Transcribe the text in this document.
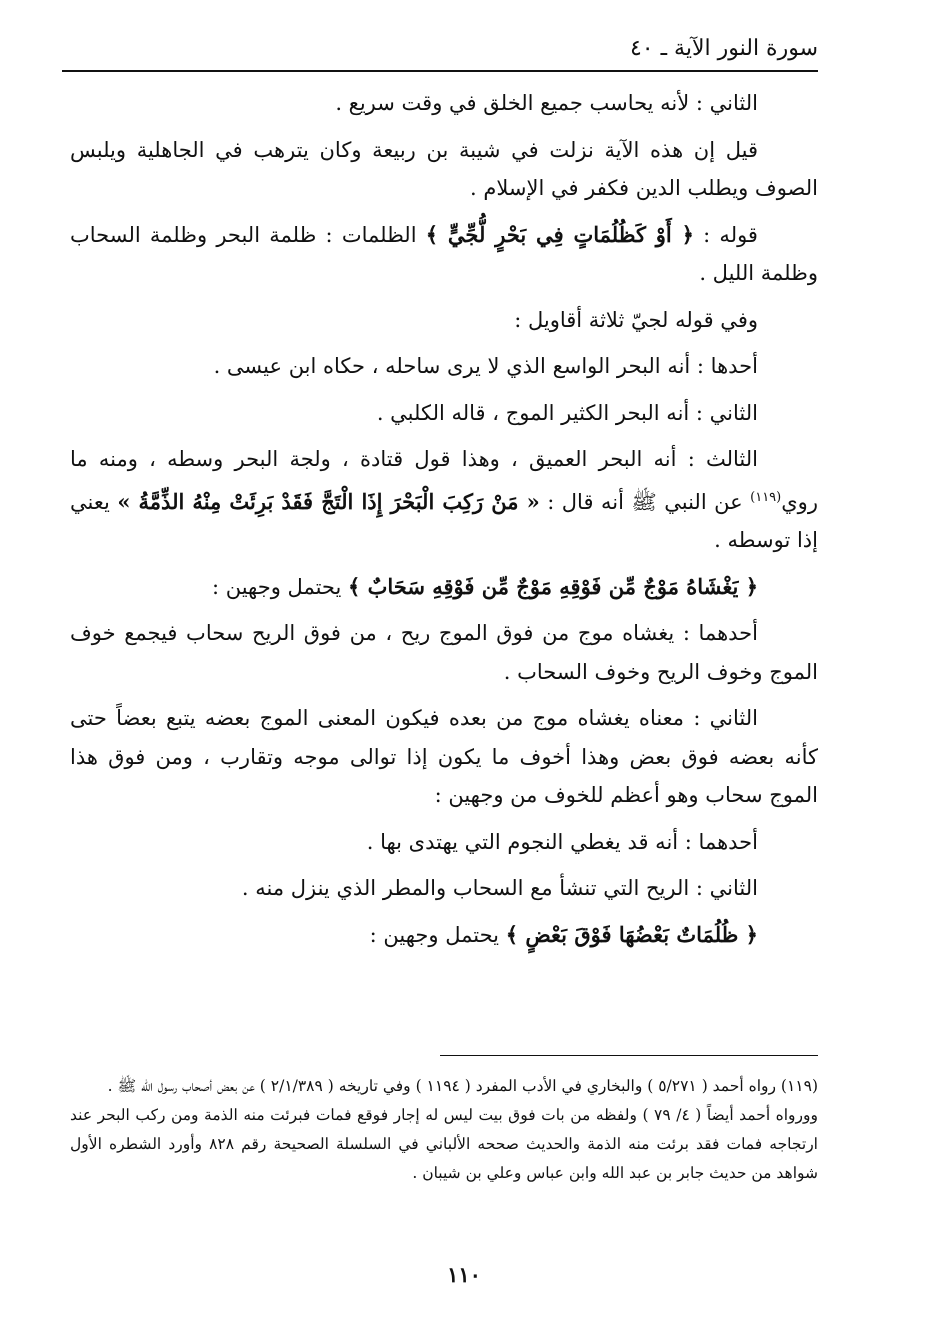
سورة النور الآية ـ ٤٠

الثاني : لأنه يحاسب جميع الخلق في وقت سريع .

قيل إن هذه الآية نزلت في شيبة بن ربيعة وكان يترهب في الجاهلية ويلبس الصوف ويطلب الدين فكفر في الإسلام .

قوله : ﴿ أَوْ كَظُلُمَاتٍ فِي بَحْرٍ لُّجِّيٍّ ﴾ الظلمات : ظلمة البحر وظلمة السحاب وظلمة الليل .

وفي قوله لجيّ ثلاثة أقاويل :

أحدها : أنه البحر الواسع الذي لا يرى ساحله ، حكاه ابن عيسى .

الثاني : أنه البحر الكثير الموج ، قاله الكلبي .

الثالث : أنه البحر العميق ، وهذا قول قتادة ، ولجة البحر وسطه ، ومنه ما روي$^{(١١٩)}$ عن النبي ﷺ أنه قال : « مَنْ رَكِبَ الْبَحْرَ إِذَا الْتَجَّ فَقَدْ بَرِئَتْ مِنْهُ الذِّمَّةُ » يعني إذا توسطه .

﴿ يَغْشَاهُ مَوْجٌ مِّن فَوْقِهِ مَوْجٌ مِّن فَوْقِهِ سَحَابٌ ﴾ يحتمل وجهين :

أحدهما : يغشاه موج من فوق الموج ريح ، من فوق الريح سحاب فيجمع خوف الموج وخوف الريح وخوف السحاب .

الثاني : معناه يغشاه موج من بعده فيكون المعنى الموج بعضه يتبع بعضاً حتى كأنه بعضه فوق بعض وهذا أخوف ما يكون إذا توالى موجه وتقارب ، ومن فوق هذا الموج سحاب وهو أعظم للخوف من وجهين :

أحدهما : أنه قد يغطي النجوم التي يهتدى بها .

الثاني : الريح التي تنشأ مع السحاب والمطر الذي ينزل منه .

﴿ ظُلُمَاتٌ بَعْضُهَا فَوْقَ بَعْضٍ ﴾ يحتمل وجهين :

(١١٩) رواه أحمد ( ٥/٢٧١ ) والبخاري في الأدب المفرد ( ١١٩٤ ) وفي تاريخه ( ٢/١/٣٨٩ ) عن بعض أصحاب رسول الله ﷺ .

وورواه أحمد أيضاً ( ٤/ ٧٩ ) ولفظه من بات فوق بيت ليس له إجار فوقع فمات فبرئت منه الذمة ومن ركب البحر عند ارتجاجه فمات فقد برئت منه الذمة والحديث صححه الألباني في السلسلة الصحيحة رقم ٨٢٨ وأورد الشطره الأول شواهد من حديث جابر بن عبد الله وابن عباس وعلي بن شيبان .

١١٠
